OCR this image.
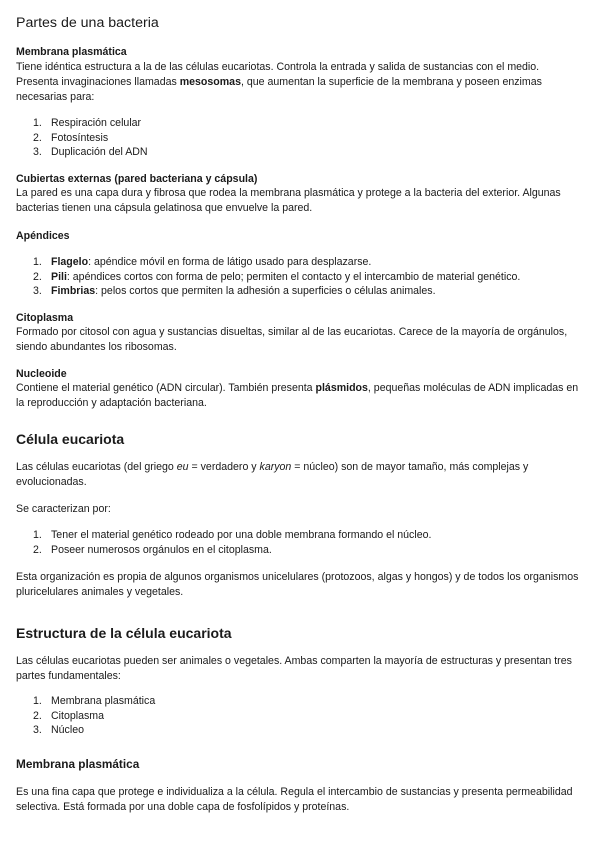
Partes de una bacteria
Membrana plasmática

Tiene idéntica estructura a la de las células eucariotas. Controla la entrada y salida de sustancias con el medio. Presenta invaginaciones llamadas mesosomas, que aumentan la superficie de la membrana y poseen enzimas necesarias para:

1. Respiración celular
2. Fotosíntesis
3. Duplicación del ADN
Cubiertas externas (pared bacteriana y cápsula)

La pared es una capa dura y fibrosa que rodea la membrana plasmática y protege a la bacteria del exterior. Algunas bacterias tienen una cápsula gelatinosa que envuelve la pared.

Apéndices
1. Flagelo: apéndice móvil en forma de látigo usado para desplazarse.
2. Pili: apéndices cortos con forma de pelo; permiten el contacto y el intercambio de material genético.
3. Fimbrias: pelos cortos que permiten la adhesión a superficies o células animales.
Citoplasma

Formado por citosol con agua y sustancias disueltas, similar al de las eucariotas. Carece de la mayoría de orgánulos, siendo abundantes los ribosomas.

Nucleoide

Contiene el material genético (ADN circular). También presenta plásmidos, pequeñas moléculas de ADN implicadas en la reproducción y adaptación bacteriana.

Célula eucariota

Las células eucariotas (del griego eu = verdadero y karyon = núcleo) son de mayor tamaño, más complejas y evolucionadas.

Se caracterizan por:

1. Tener el material genético rodeado por una doble membrana formando el núcleo.
2. Poseer numerosos orgánulos en el citoplasma.

Esta organización es propia de algunos organismos unicelulares (protozoos, algas y hongos) y de todos los organismos pluricelulares animales y vegetales.

Estructura de la célula eucariota

Las células eucariotas pueden ser animales o vegetales. Ambas comparten la mayoría de estructuras y presentan tres partes fundamentales:

1. Membrana plasmática
2. Citoplasma
3. Núcleo
Membrana plasmática

Es una fina capa que protege e individualiza a la célula. Regula el intercambio de sustancias y presenta permeabilidad selectiva. Está formada por una doble capa de fosfolípidos y proteínas.
